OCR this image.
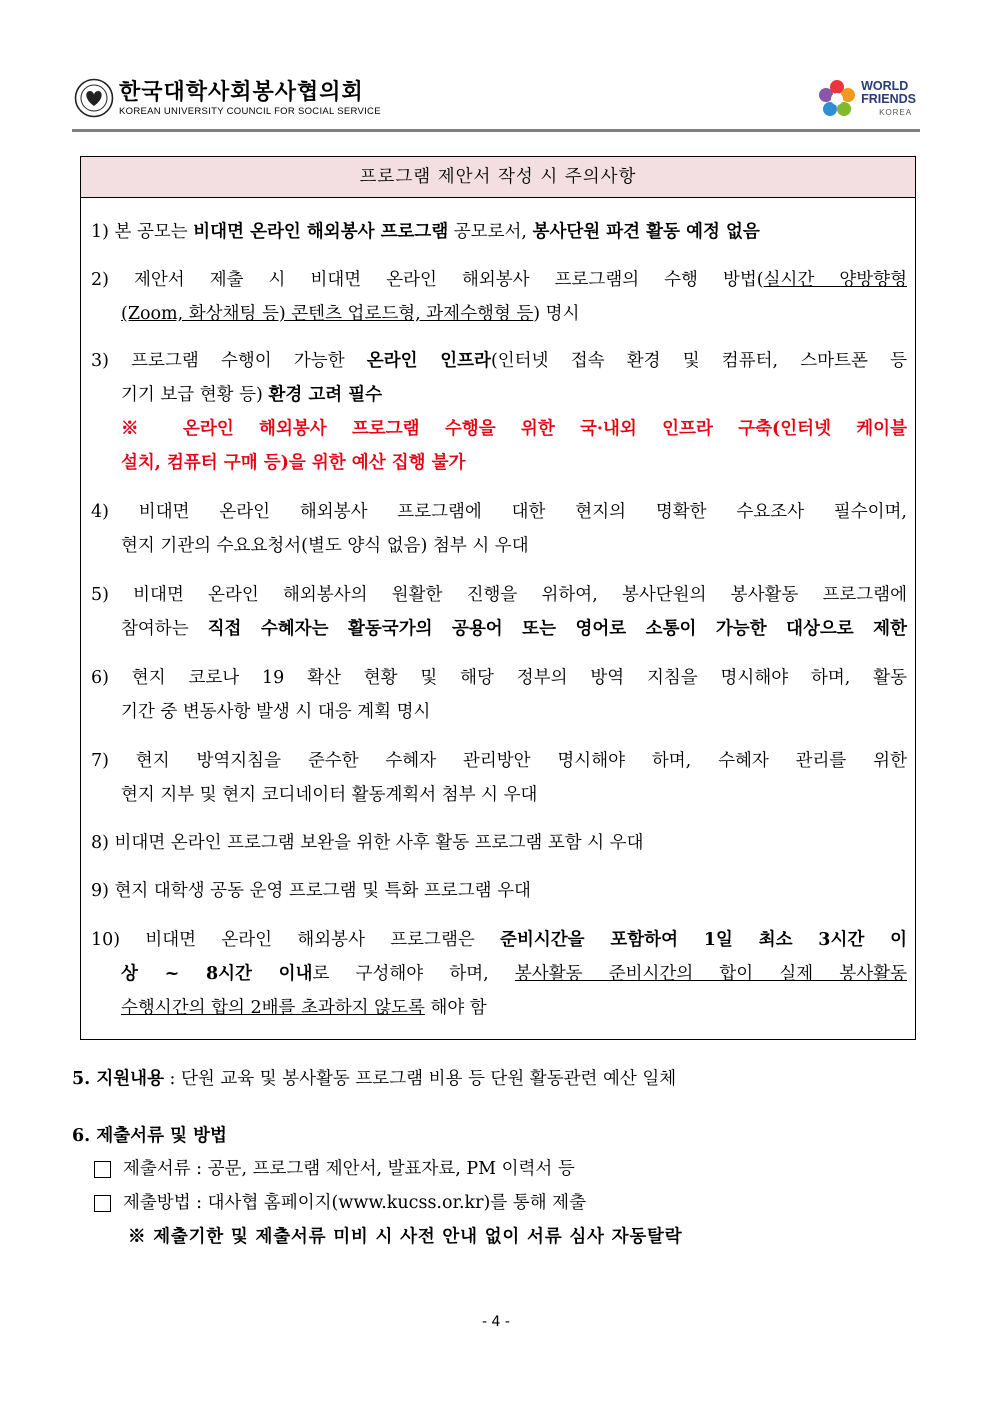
한국대학사회봉사협의회
KOREAN UNIVERSITY COUNCIL FOR SOCIAL SERVICE
WORLD
FRIENDS
KOREA
프로그램 제안서 작성 시 주의사항
1) 본 공모는 비대면 온라인 해외봉사 프로그램 공모로서, 봉사단원 파견 활동 예정 없음
2) 제안서 제출 시 비대면 온라인 해외봉사 프로그램의 수행 방법(실시간 양방향형
(Zoom, 화상채팅 등) 콘텐츠 업로드형, 과제수행형 등) 명시
3) 프로그램 수행이 가능한 온라인 인프라(인터넷 접속 환경 및 컴퓨터, 스마트폰 등
기기 보급 현황 등) 환경 고려 필수
※ 온라인 해외봉사 프로그램 수행을 위한 국·내외 인프라 구축(인터넷 케이블
설치, 컴퓨터 구매 등)을 위한 예산 집행 불가
4) 비대면 온라인 해외봉사 프로그램에 대한 현지의 명확한 수요조사 필수이며,
현지 기관의 수요요청서(별도 양식 없음) 첨부 시 우대
5) 비대면 온라인 해외봉사의 원활한 진행을 위하여, 봉사단원의 봉사활동 프로그램에
참여하는 직접 수혜자는 활동국가의 공용어 또는 영어로 소통이 가능한 대상으로 제한
6) 현지 코로나 19 확산 현황 및 해당 정부의 방역 지침을 명시해야 하며, 활동
기간 중 변동사항 발생 시 대응 계획 명시
7) 현지 방역지침을 준수한 수혜자 관리방안 명시해야 하며, 수혜자 관리를 위한
현지 지부 및 현지 코디네이터 활동계획서 첨부 시 우대
8) 비대면 온라인 프로그램 보완을 위한 사후 활동 프로그램 포함 시 우대
9) 현지 대학생 공동 운영 프로그램 및 특화 프로그램 우대
10) 비대면 온라인 해외봉사 프로그램은 준비시간을 포함하여 1일 최소 3시간 이
상 ~ 8시간 이내로 구성해야 하며, 봉사활동 준비시간의 합이 실제 봉사활동
수행시간의 합의 2배를 초과하지 않도록 해야 함
5. 지원내용 : 단원 교육 및 봉사활동 프로그램 비용 등 단원 활동관련 예산 일체
6. 제출서류 및 방법
제출서류 : 공문, 프로그램 제안서, 발표자료, PM 이력서 등
제출방법 : 대사협 홈페이지(www.kucss.or.kr)를 통해 제출
※ 제출기한 및 제출서류 미비 시 사전 안내 없이 서류 심사 자동탈락
- 4 -
